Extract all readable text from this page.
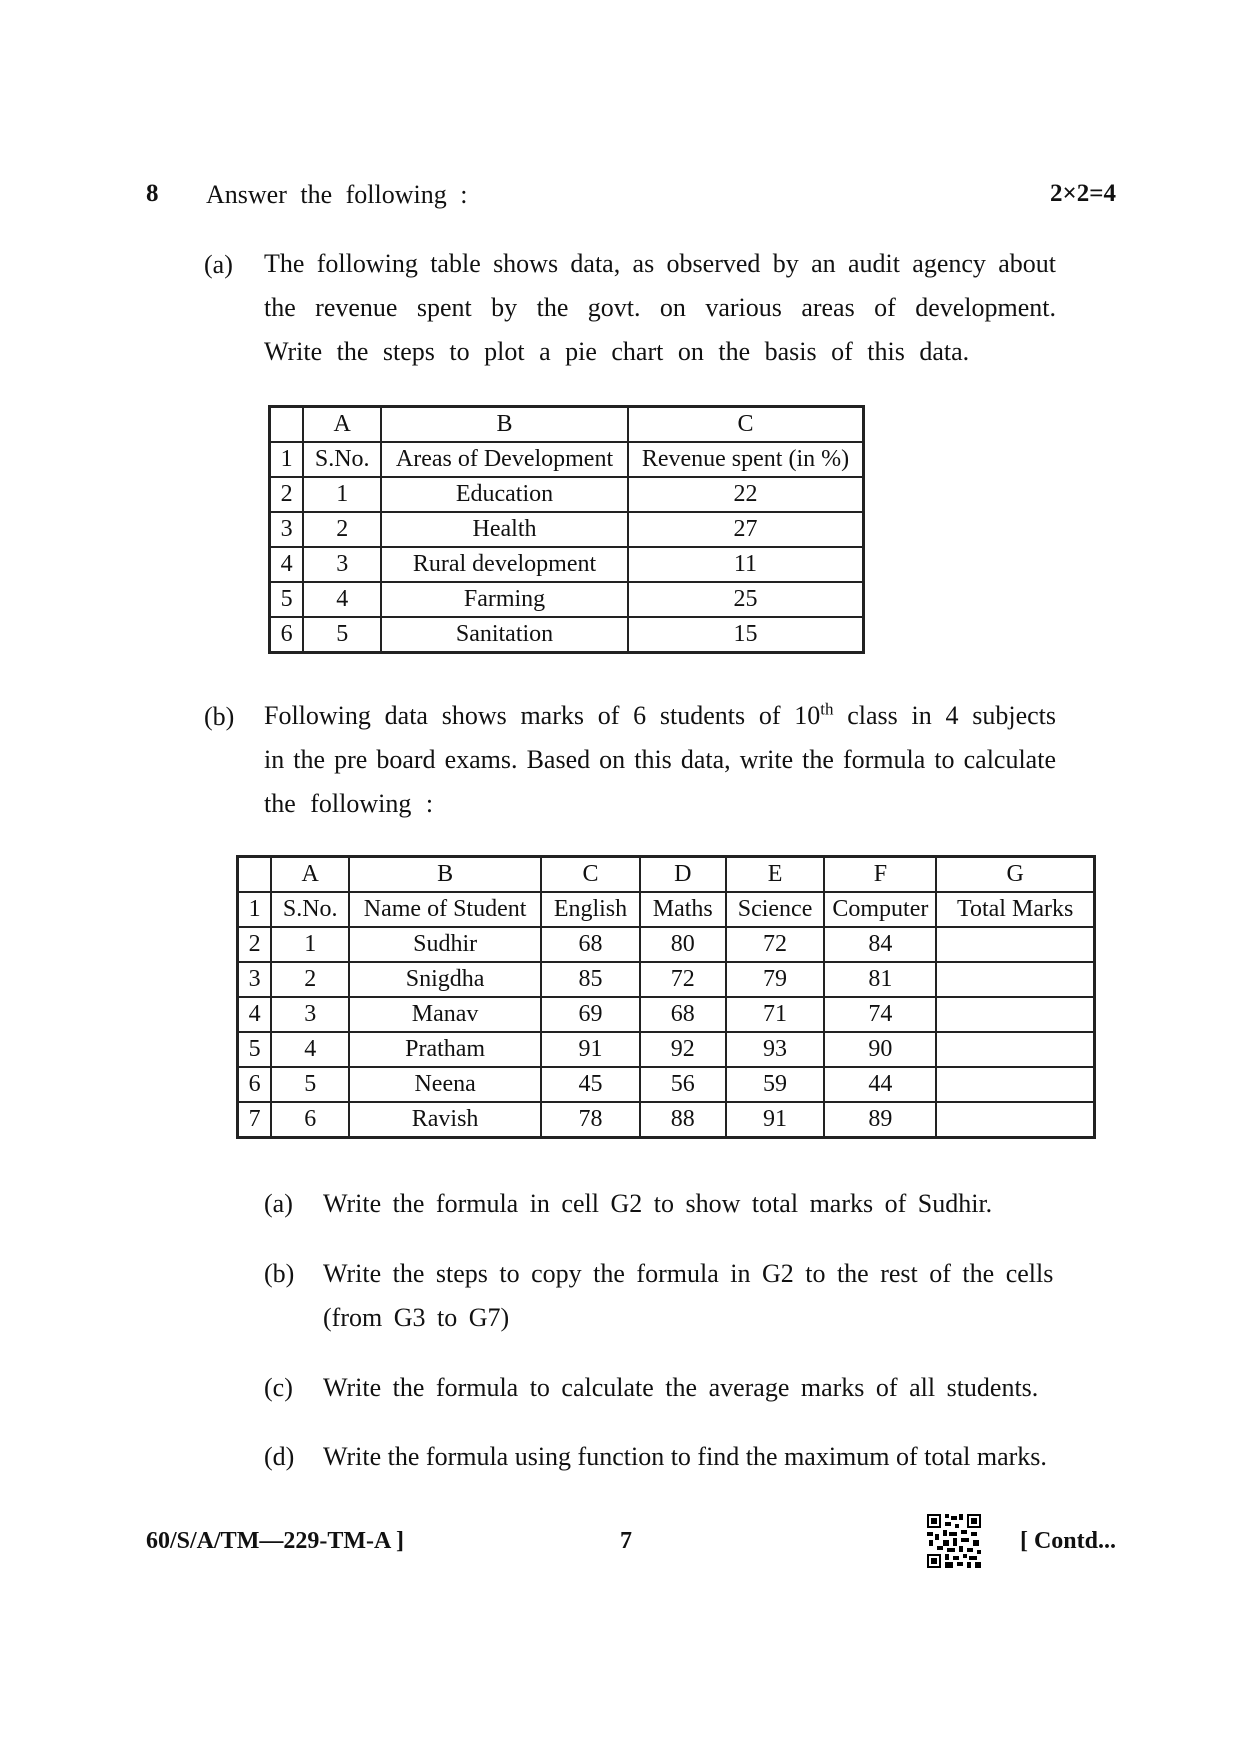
8 Answer the following :	2×2=4
(a) The following table shows data, as observed by an audit agency about
the revenue spent by the govt. on various areas of development.
Write the steps to plot a pie chart on the basis of this data.
	A	B	C
1	S.No.	Areas of Development	Revenue spent (in %)
2	1	Education	22
3	2	Health	27
4	3	Rural development	11
5	4	Farming	25
6	5	Sanitation	15
(b) Following data shows marks of 6 students of 10th class in 4 subjects
in the pre board exams. Based on this data, write the formula to calculate
the following :
	A	B	C	D	E	F	G
1	S.No.	Name of Student	English	Maths	Science	Computer	Total Marks
2	1	Sudhir	68	80	72	84	
3	2	Snigdha	85	72	79	81	
4	3	Manav	69	68	71	74	
5	4	Pratham	91	92	93	90	
6	5	Neena	45	56	59	44	
7	6	Ravish	78	88	91	89	
(a) Write the formula in cell G2 to show total marks of Sudhir.
(b) Write the steps to copy the formula in G2 to the rest of the cells
(from G3 to G7)
(c) Write the formula to calculate the average marks of all students.
(d) Write the formula using function to find the maximum of total marks.
60/S/A/TM—229-TM-A ]	7	[ Contd...
